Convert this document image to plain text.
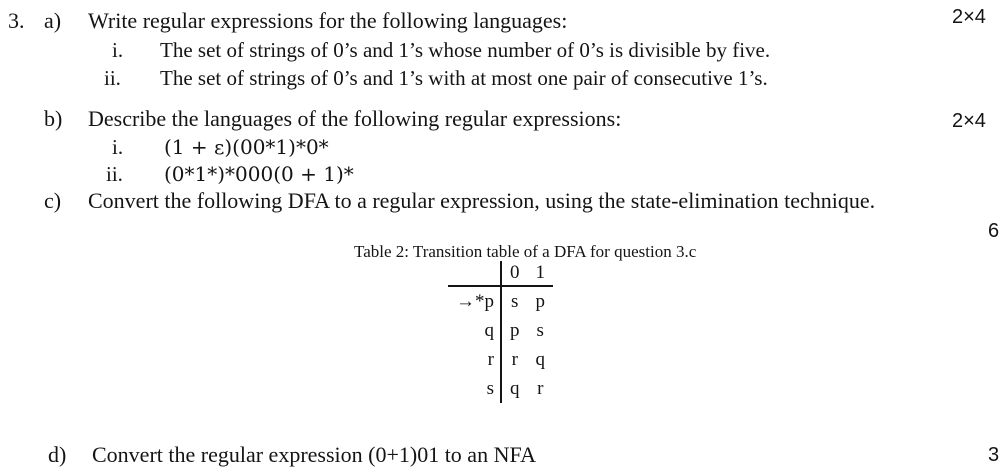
3. a) Write regular expressions for the following languages:	2×4
i. The set of strings of 0’s and 1’s whose number of 0’s is divisible by five.
ii. The set of strings of 0’s and 1’s with at most one pair of consecutive 1’s.
b) Describe the languages of the following regular expressions:	2×4
i. (1 + ε)(00*1)*0*
ii. (0*1*)*000(0 + 1)*
c) Convert the following DFA to a regular expression, using the state-elimination technique.
6
Table 2: Transition table of a DFA for question 3.c
	0	1
→*p	s	p
q	p	s
r	r	q
s	q	r
d) Convert the regular expression (0+1)01 to an NFA	3
